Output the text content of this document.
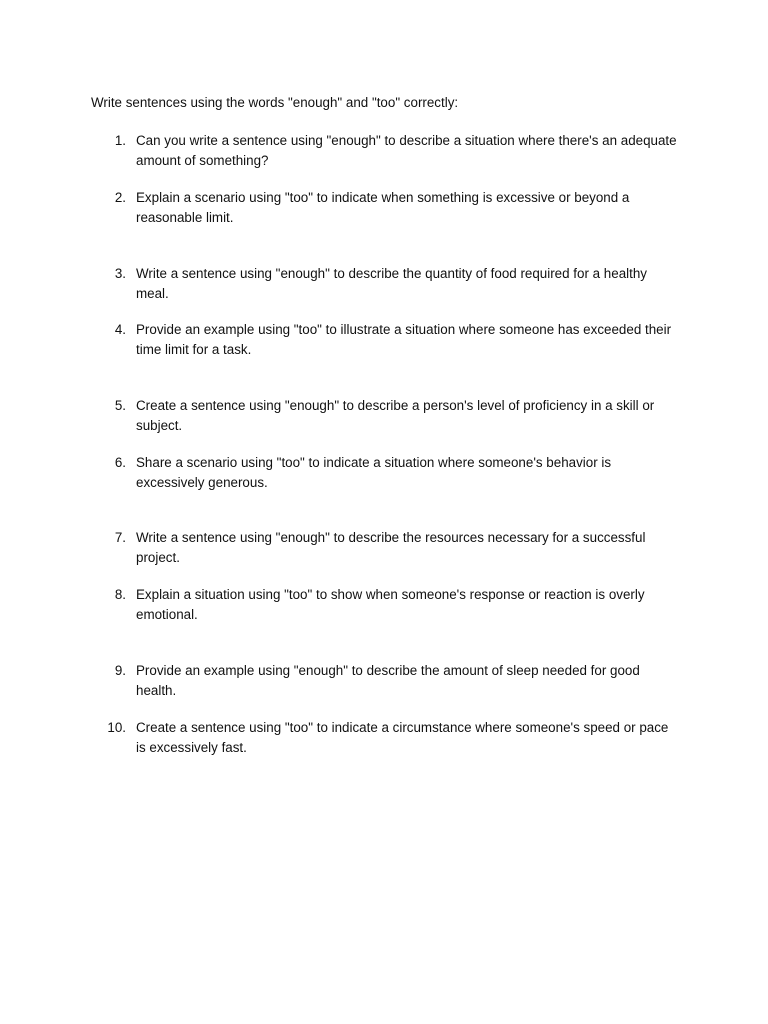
Write sentences using the words "enough" and "too" correctly:

1. Can you write a sentence using "enough" to describe a situation where there's an adequate amount of something?

2. Explain a scenario using "too" to indicate when something is excessive or beyond a reasonable limit.

3. Write a sentence using "enough" to describe the quantity of food required for a healthy meal.

4. Provide an example using "too" to illustrate a situation where someone has exceeded their time limit for a task.

5. Create a sentence using "enough" to describe a person's level of proficiency in a skill or subject.

6. Share a scenario using "too" to indicate a situation where someone's behavior is excessively generous.

7. Write a sentence using "enough" to describe the resources necessary for a successful project.

8. Explain a situation using "too" to show when someone's response or reaction is overly emotional.

9. Provide an example using "enough" to describe the amount of sleep needed for good health.

10. Create a sentence using "too" to indicate a circumstance where someone's speed or pace is excessively fast.
